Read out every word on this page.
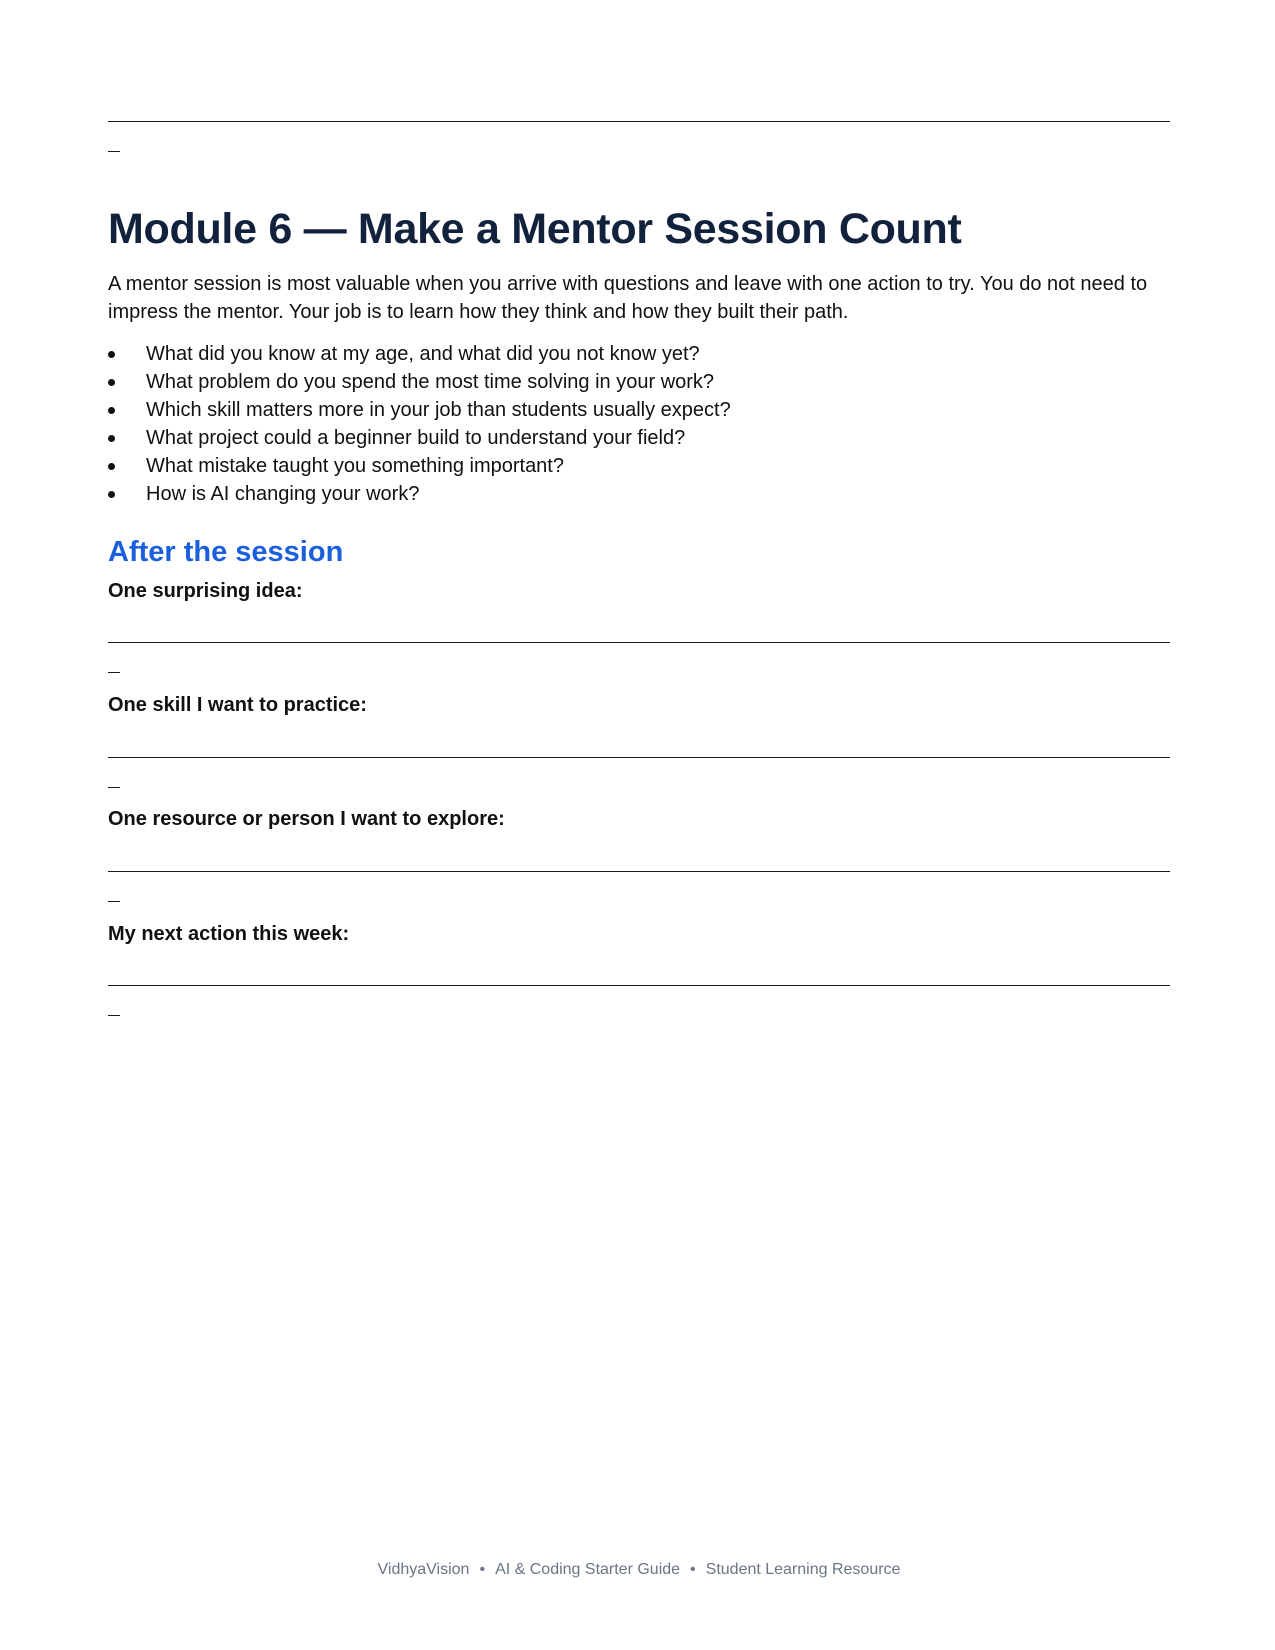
Module 6 — Make a Mentor Session Count

A mentor session is most valuable when you arrive with questions and leave with one action to try. You do not need to impress the mentor. Your job is to learn how they think and how they built their path.

What did you know at my age, and what did you not know yet?
What problem do you spend the most time solving in your work?
Which skill matters more in your job than students usually expect?
What project could a beginner build to understand your field?
What mistake taught you something important?
How is AI changing your work?
After the session

One surprising idea:

One skill I want to practice:

One resource or person I want to explore:

My next action this week:

VidhyaVision • AI & Coding Starter Guide • Student Learning Resource
